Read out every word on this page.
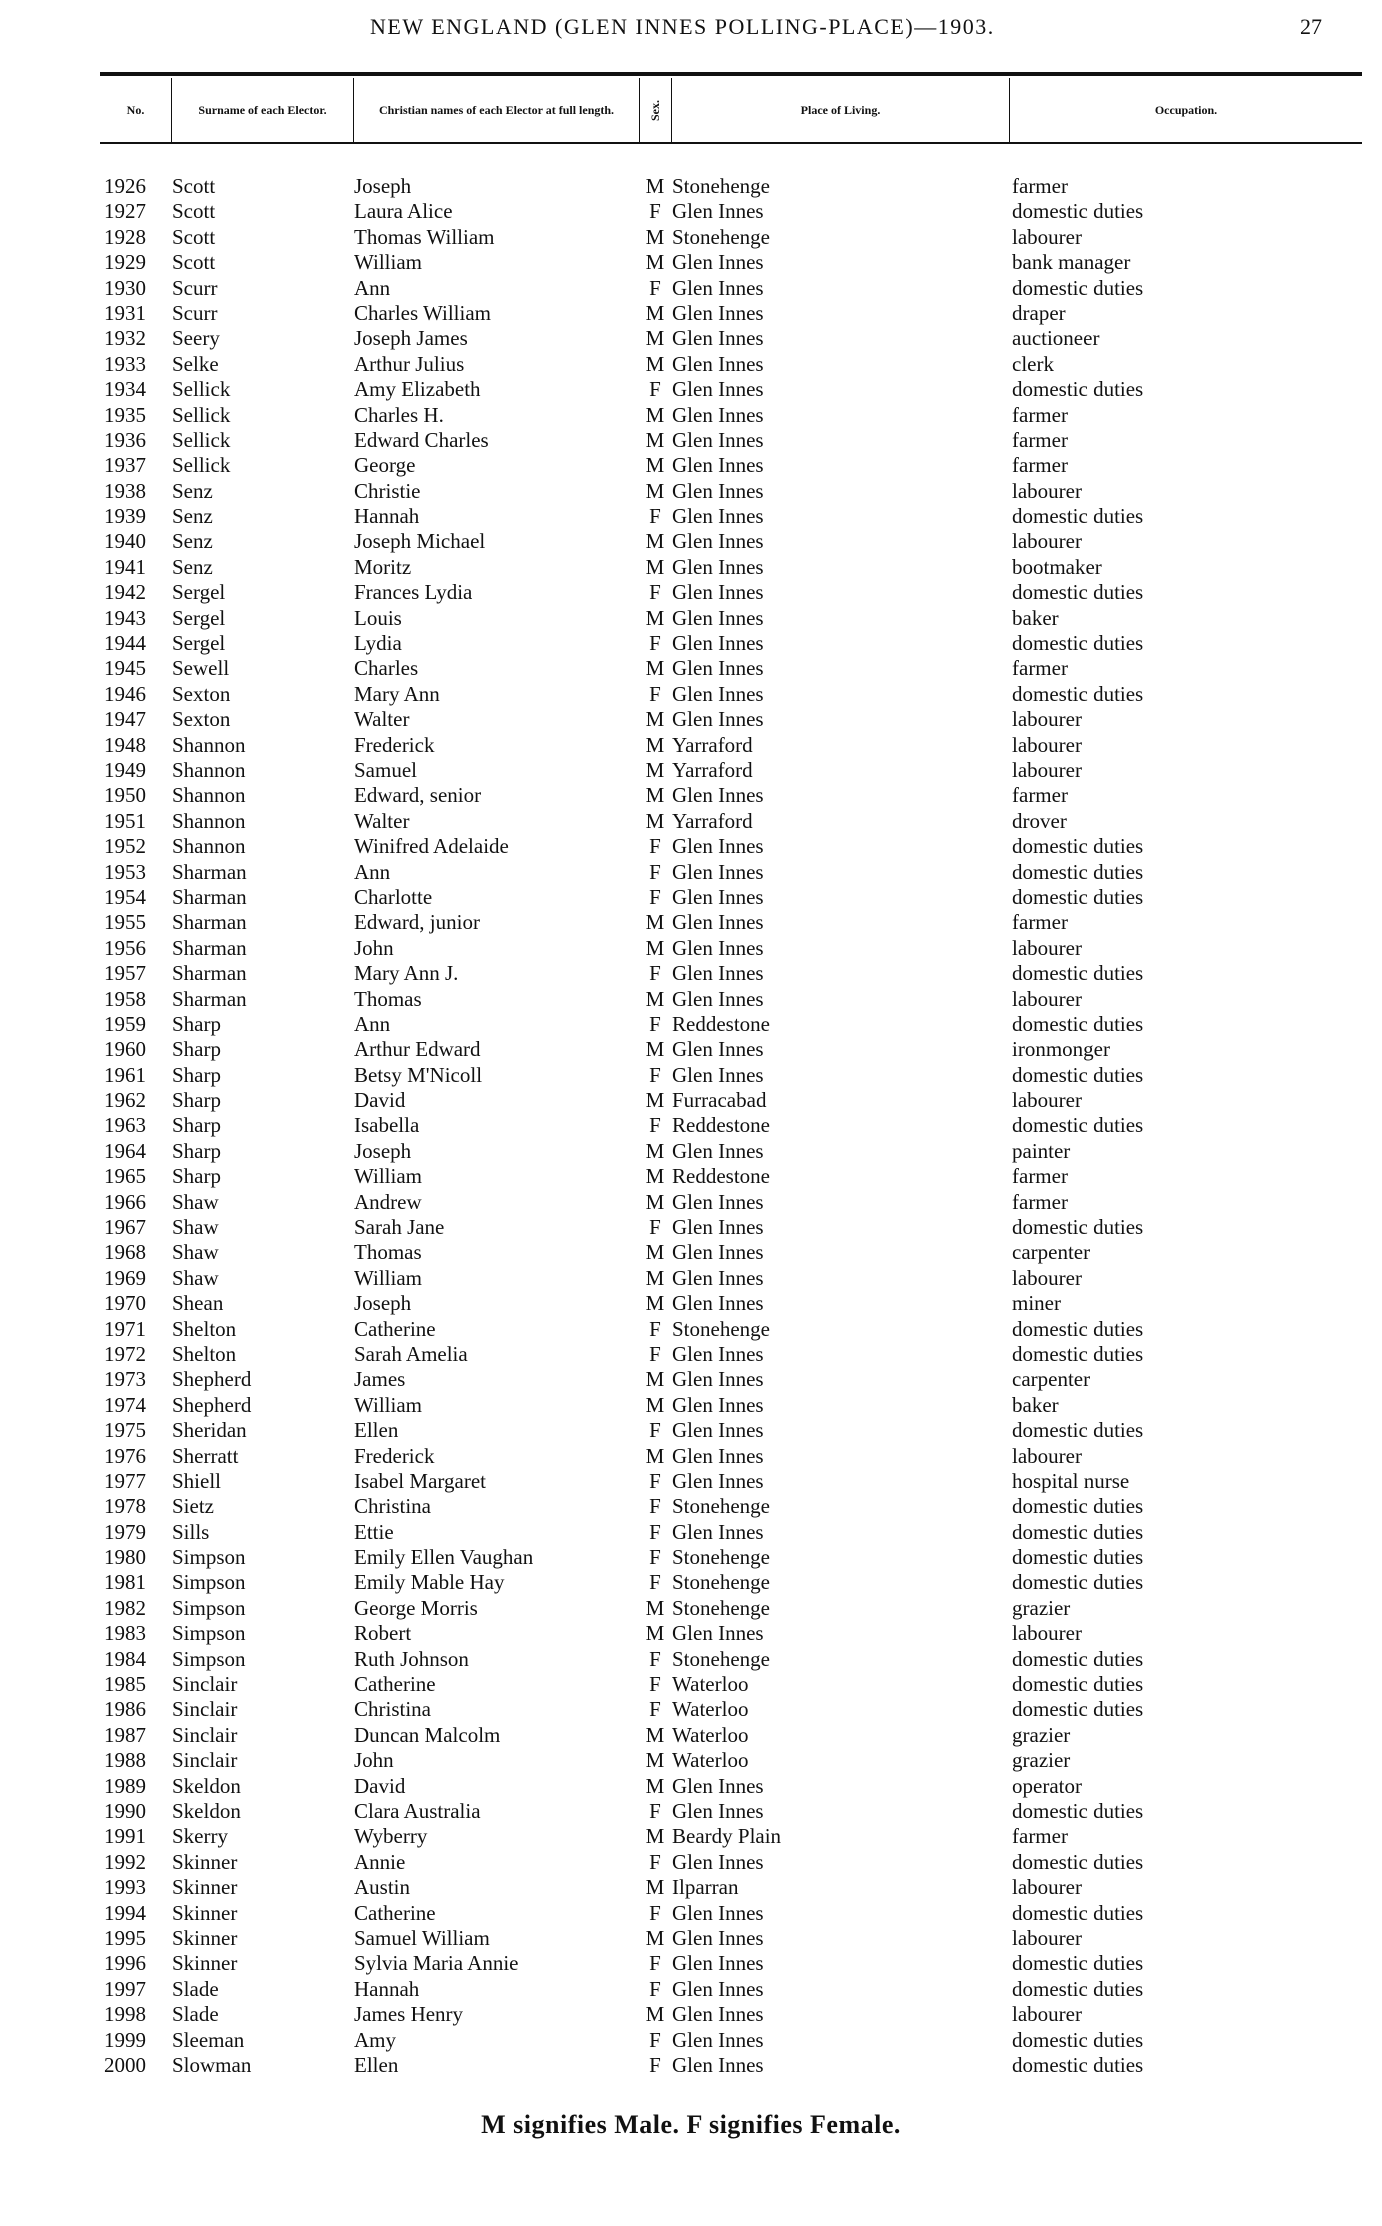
NEW ENGLAND (GLEN INNES POLLING-PLACE)—1903.	27
No.	Surname of each Elector.	Christian names of each Elector at full length.	Sex.	Place of Living.	Occupation.
1926 Scott	Joseph	M Stonehenge	farmer
1927 Scott	Laura Alice	F Glen Innes	domestic duties
1928 Scott	Thomas William	M Stonehenge	labourer
1929 Scott	William	M Glen Innes	bank manager
1930 Scurr	Ann	F Glen Innes	domestic duties
1931 Scurr	Charles William	M Glen Innes	draper
1932 Seery	Joseph James	M Glen Innes	auctioneer
1933 Selke	Arthur Julius	M Glen Innes	clerk
1934 Sellick	Amy Elizabeth	F Glen Innes	domestic duties
1935 Sellick	Charles H.	M Glen Innes	farmer
1936 Sellick	Edward Charles	M Glen Innes	farmer
1937 Sellick	George	M Glen Innes	farmer
1938 Senz	Christie	M Glen Innes	labourer
1939 Senz	Hannah	F Glen Innes	domestic duties
1940 Senz	Joseph Michael	M Glen Innes	labourer
1941 Senz	Moritz	M Glen Innes	bootmaker
1942 Sergel	Frances Lydia	F Glen Innes	domestic duties
1943 Sergel	Louis	M Glen Innes	baker
1944 Sergel	Lydia	F Glen Innes	domestic duties
1945 Sewell	Charles	M Glen Innes	farmer
1946 Sexton	Mary Ann	F Glen Innes	domestic duties
1947 Sexton	Walter	M Glen Innes	labourer
1948 Shannon	Frederick	M Yarraford	labourer
1949 Shannon	Samuel	M Yarraford	labourer
1950 Shannon	Edward, senior	M Glen Innes	farmer
1951 Shannon	Walter	M Yarraford	drover
1952 Shannon	Winifred Adelaide	F Glen Innes	domestic duties
1953 Sharman	Ann	F Glen Innes	domestic duties
1954 Sharman	Charlotte	F Glen Innes	domestic duties
1955 Sharman	Edward, junior	M Glen Innes	farmer
1956 Sharman	John	M Glen Innes	labourer
1957 Sharman	Mary Ann J.	F Glen Innes	domestic duties
1958 Sharman	Thomas	M Glen Innes	labourer
1959 Sharp	Ann	F Reddestone	domestic duties
1960 Sharp	Arthur Edward	M Glen Innes	ironmonger
1961 Sharp	Betsy M'Nicoll	F Glen Innes	domestic duties
1962 Sharp	David	M Furracabad	labourer
1963 Sharp	Isabella	F Reddestone	domestic duties
1964 Sharp	Joseph	M Glen Innes	painter
1965 Sharp	William	M Reddestone	farmer
1966 Shaw	Andrew	M Glen Innes	farmer
1967 Shaw	Sarah Jane	F Glen Innes	domestic duties
1968 Shaw	Thomas	M Glen Innes	carpenter
1969 Shaw	William	M Glen Innes	labourer
1970 Shean	Joseph	M Glen Innes	miner
1971 Shelton	Catherine	F Stonehenge	domestic duties
1972 Shelton	Sarah Amelia	F Glen Innes	domestic duties
1973 Shepherd	James	M Glen Innes	carpenter
1974 Shepherd	William	M Glen Innes	baker
1975 Sheridan	Ellen	F Glen Innes	domestic duties
1976 Sherratt	Frederick	M Glen Innes	labourer
1977 Shiell	Isabel Margaret	F Glen Innes	hospital nurse
1978 Sietz	Christina	F Stonehenge	domestic duties
1979 Sills	Ettie	F Glen Innes	domestic duties
1980 Simpson	Emily Ellen Vaughan	F Stonehenge	domestic duties
1981 Simpson	Emily Mable Hay	F Stonehenge	domestic duties
1982 Simpson	George Morris	M Stonehenge	grazier
1983 Simpson	Robert	M Glen Innes	labourer
1984 Simpson	Ruth Johnson	F Stonehenge	domestic duties
1985 Sinclair	Catherine	F Waterloo	domestic duties
1986 Sinclair	Christina	F Waterloo	domestic duties
1987 Sinclair	Duncan Malcolm	M Waterloo	grazier
1988 Sinclair	John	M Waterloo	grazier
1989 Skeldon	David	M Glen Innes	operator
1990 Skeldon	Clara Australia	F Glen Innes	domestic duties
1991 Skerry	Wyberry	M Beardy Plain	farmer
1992 Skinner	Annie	F Glen Innes	domestic duties
1993 Skinner	Austin	M Ilparran	labourer
1994 Skinner	Catherine	F Glen Innes	domestic duties
1995 Skinner	Samuel William	M Glen Innes	labourer
1996 Skinner	Sylvia Maria Annie	F Glen Innes	domestic duties
1997 Slade	Hannah	F Glen Innes	domestic duties
1998 Slade	James Henry	M Glen Innes	labourer
1999 Sleeman	Amy	F Glen Innes	domestic duties
2000 Slowman	Ellen	F Glen Innes	domestic duties
M signifies Male. F signifies Female.
